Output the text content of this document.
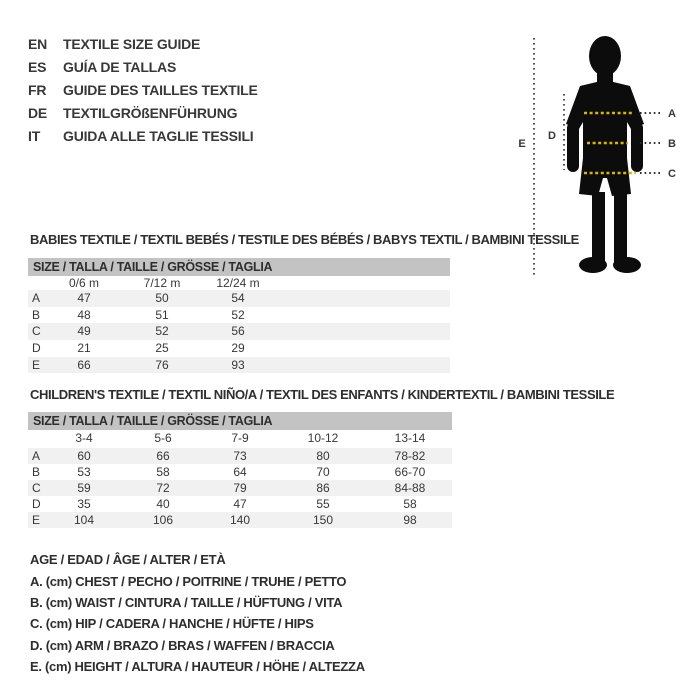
EN TEXTILE SIZE GUIDE
ES GUÍA DE TALLAS
FR GUIDE DES TAILLES TEXTILE
DE TEXTILGRÖßENFÜHRUNG
IT GUIDA ALLE TAGLIE TESSILI	E
D
A
B
C
BABIES TEXTILE / TEXTIL BEBÉS / TESTILE DES BÉBÉS / BABYS TEXTIL / BAMBINI TESSILE
SIZE / TALLA / TAILLE / GRÖSSE / TAGLIA
0/6 m	7/12 m	12/24 m
A	47	50	54
B	48	51	52
C	49	52	56
D	21	25	29
E	66	76	93
CHILDREN'S TEXTILE / TEXTIL NIÑO/A / TEXTIL DES ENFANTS / KINDERTEXTIL / BAMBINI TESSILE
SIZE / TALLA / TAILLE / GRÖSSE / TAGLIA
3-4	5-6	7-9	10-12	13-14
A	60	66	73	80	78-82
B	53	58	64	70	66-70
C	59	72	79	86	84-88
D	35	40	47	55	58
E	104	106	140	150	98
AGE / EDAD / ÂGE / ALTER / ETÀ
A. (cm) CHEST / PECHO / POITRINE / TRUHE / PETTO
B. (cm) WAIST / CINTURA / TAILLE / HÜFTUNG / VITA
C. (cm) HIP / CADERA / HANCHE / HÜFTE / HIPS
D. (cm) ARM / BRAZO / BRAS / WAFFEN / BRACCIA
E. (cm) HEIGHT / ALTURA / HAUTEUR / HÖHE / ALTEZZA
